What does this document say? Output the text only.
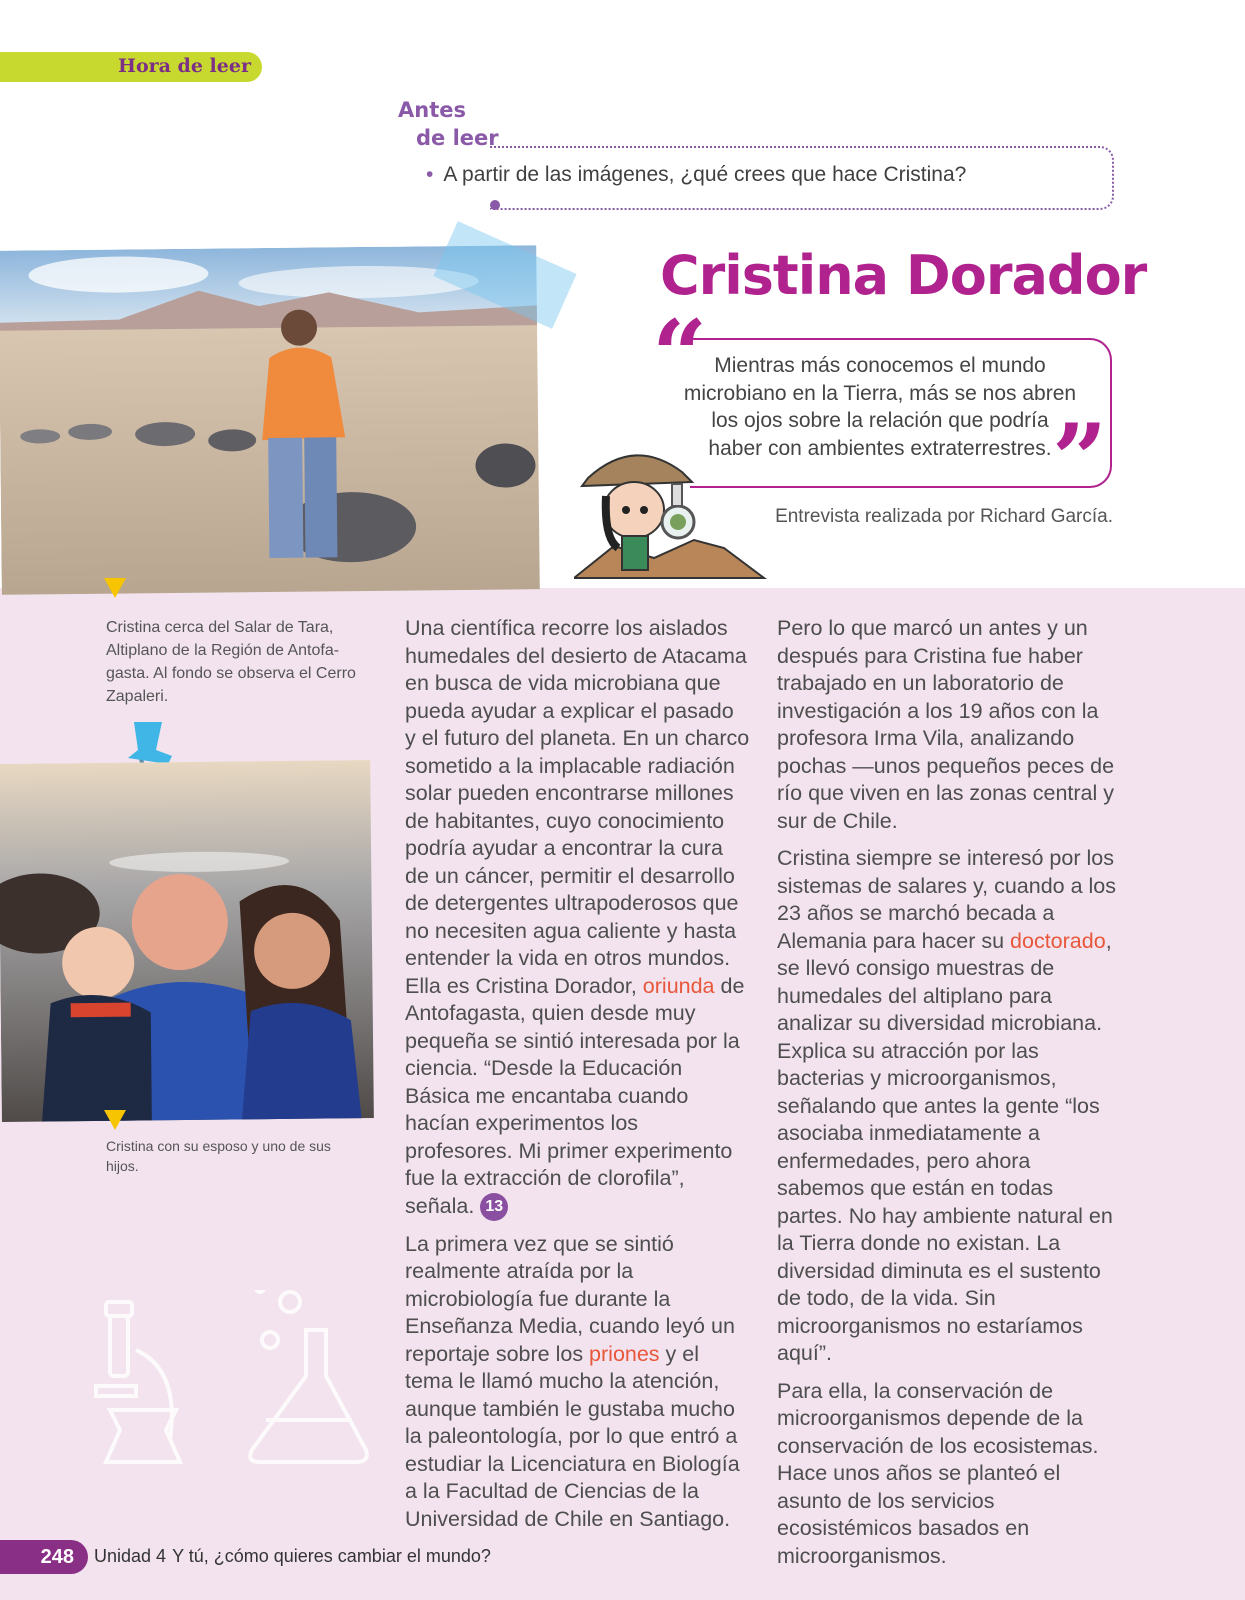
Hora de leer
Antes
de leer
• A partir de las imágenes, ¿qué crees que hace Cristina?
Cristina cerca del Salar de Tara, Altiplano de la Región de Antofagasta. Al fondo se observa el Cerro Zapaleri.
Cristina con su esposo y uno de sus hijos.
Cristina Dorador
“
”
Mientras más conocemos el mundo
microbiano en la Tierra, más se nos abren
los ojos sobre la relación que podría
haber con ambientes extraterrestres.
Entrevista realizada por Richard García.

Una científica recorre los aislados humedales del desierto de Atacama en busca de vida microbiana que pueda ayudar a explicar el pasado y el futuro del planeta. En un charco sometido a la implacable radiación solar pueden encontrarse millones de habitantes, cuyo conocimiento podría ayudar a encontrar la cura de un cáncer, permitir el desarrollo de detergentes ultrapoderosos que no necesiten agua caliente y hasta entender la vida en otros mundos. Ella es Cristina Dorador, oriunda de Antofagasta, quien desde muy pequeña se sintió interesada por la ciencia. “Desde la Educación Básica me encantaba cuando hacían experimentos los profesores. Mi primer experimento fue la extracción de clorofila”, señala. 13

La primera vez que se sintió realmente atraída por la microbiología fue durante la Enseñanza Media, cuando leyó un reportaje sobre los priones y el tema le llamó mucho la atención, aunque también le gustaba mucho la paleontología, por lo que entró a estudiar la Licenciatura en Biología a la Facultad de Ciencias de la Universidad de Chile en Santiago.

Pero lo que marcó un antes y un después para Cristina fue haber trabajado en un laboratorio de investigación a los 19 años con la profesora Irma Vila, analizando pochas —unos pequeños peces de río que viven en las zonas central y sur de Chile.

Cristina siempre se interesó por los sistemas de salares y, cuando a los 23 años se marchó becada a Alemania para hacer su doctorado, se llevó consigo muestras de humedales del altiplano para analizar su diversidad microbiana. Explica su atracción por las bacterias y microorganismos, señalando que antes la gente “los asociaba inmediatamente a enfermedades, pero ahora sabemos que están en todas partes. No hay ambiente natural en la Tierra donde no existan. La diversidad diminuta es el sustento de todo, de la vida. Sin microorganismos no estaríamos aquí”.

Para ella, la conservación de microorganismos depende de la conservación de los ecosistemas. Hace unos años se planteó el asunto de los servicios ecosistémicos basados en microorganismos.

248 Unidad 4 Y tú, ¿cómo quieres cambiar el mundo?
